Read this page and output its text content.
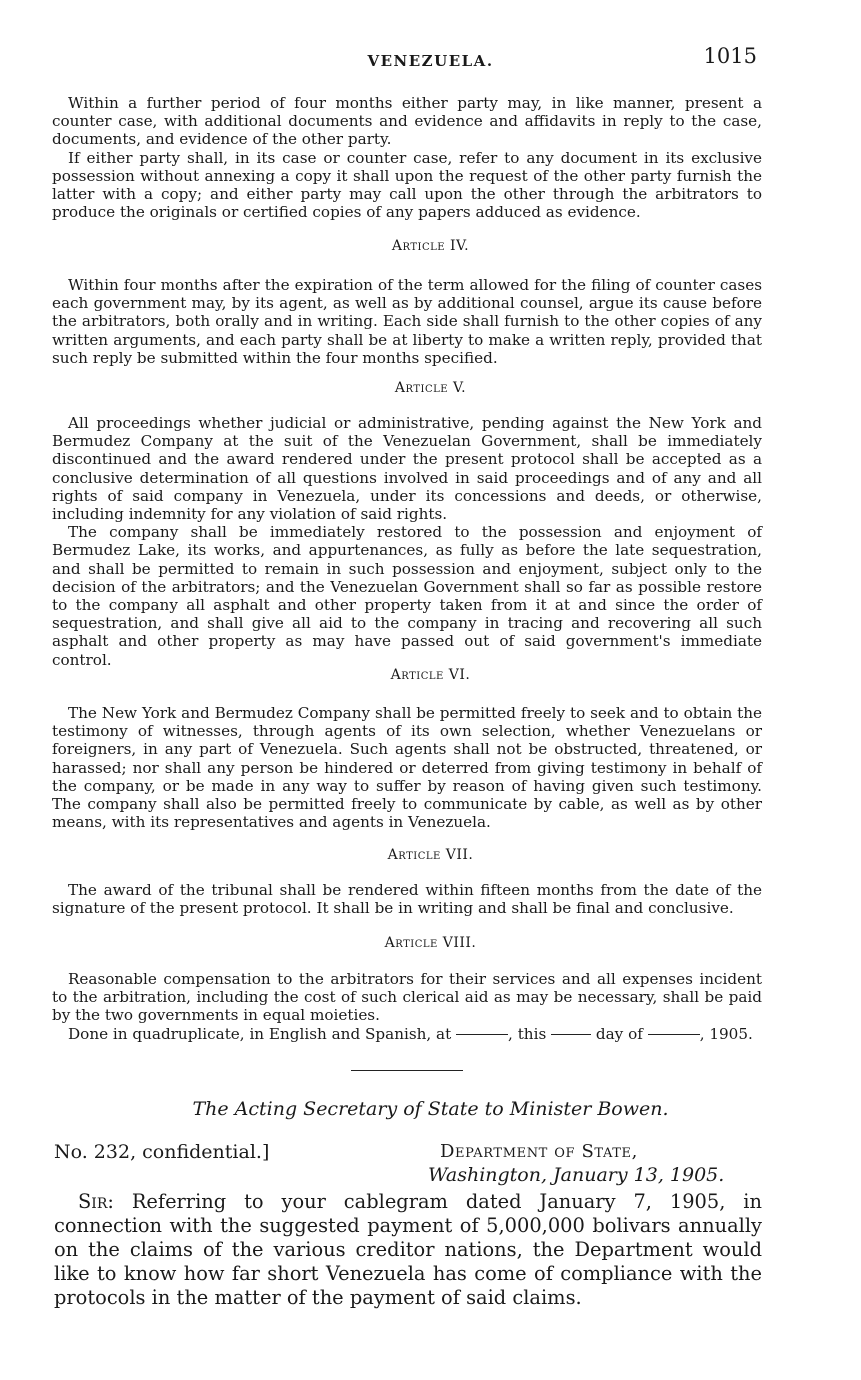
VENEZUELA.	1015

Within a further period of four months either party may, in like manner, present a counter case, with additional documents and evidence and affidavits in reply to the case, documents, and evidence of the other party.

If either party shall, in its case or counter case, refer to any document in its exclusive possession without annexing a copy it shall upon the request of the other party furnish the latter with a copy; and either party may call upon the other through the arbitrators to produce the originals or certified copies of any papers adduced as evidence.

Article IV.

Within four months after the expiration of the term allowed for the filing of counter cases each government may, by its agent, as well as by additional counsel, argue its cause before the arbitrators, both orally and in writing. Each side shall furnish to the other copies of any written arguments, and each party shall be at liberty to make a written reply, provided that such reply be submitted within the four months specified.

Article V.

All proceedings whether judicial or administrative, pending against the New York and Bermudez Company at the suit of the Venezuelan Government, shall be immediately discontinued and the award rendered under the present protocol shall be accepted as a conclusive determination of all questions involved in said proceedings and of any and all rights of said company in Venezuela, under its concessions and deeds, or otherwise, including indemnity for any violation of said rights.

The company shall be immediately restored to the possession and enjoyment of Bermudez Lake, its works, and appurtenances, as fully as before the late sequestration, and shall be permitted to remain in such possession and enjoyment, subject only to the decision of the arbitrators; and the Venezuelan Government shall so far as possible restore to the company all asphalt and other property taken from it at and since the order of sequestration, and shall give all aid to the company in tracing and recovering all such asphalt and other property as may have passed out of said government's immediate control.

Article VI.

The New York and Bermudez Company shall be permitted freely to seek and to obtain the testimony of witnesses, through agents of its own selection, whether Venezuelans or foreigners, in any part of Venezuela. Such agents shall not be obstructed, threatened, or harassed; nor shall any person be hindered or deterred from giving testimony in behalf of the company, or be made in any way to suffer by reason of having given such testimony. The company shall also be permitted freely to communicate by cable, as well as by other means, with its representatives and agents in Venezuela.

Article VII.

The award of the tribunal shall be rendered within fifteen months from the date of the signature of the present protocol. It shall be in writing and shall be final and conclusive.

Article VIII.

Reasonable compensation to the arbitrators for their services and all expenses incident to the arbitration, including the cost of such clerical aid as may be necessary, shall be paid by the two governments in equal moieties.

Done in quadruplicate, in English and Spanish, at	, this	day of	, 1905.

The Acting Secretary of State to Minister Bowen.
No. 232, confidential.]	Department of State,
Washington, January 13, 1905.

Sir: Referring to your cablegram dated January 7, 1905, in connection with the suggested payment of 5,000,000 bolivars annually on the claims of the various creditor nations, the Department would like to know how far short Venezuela has come of compliance with the protocols in the matter of the payment of said claims.
